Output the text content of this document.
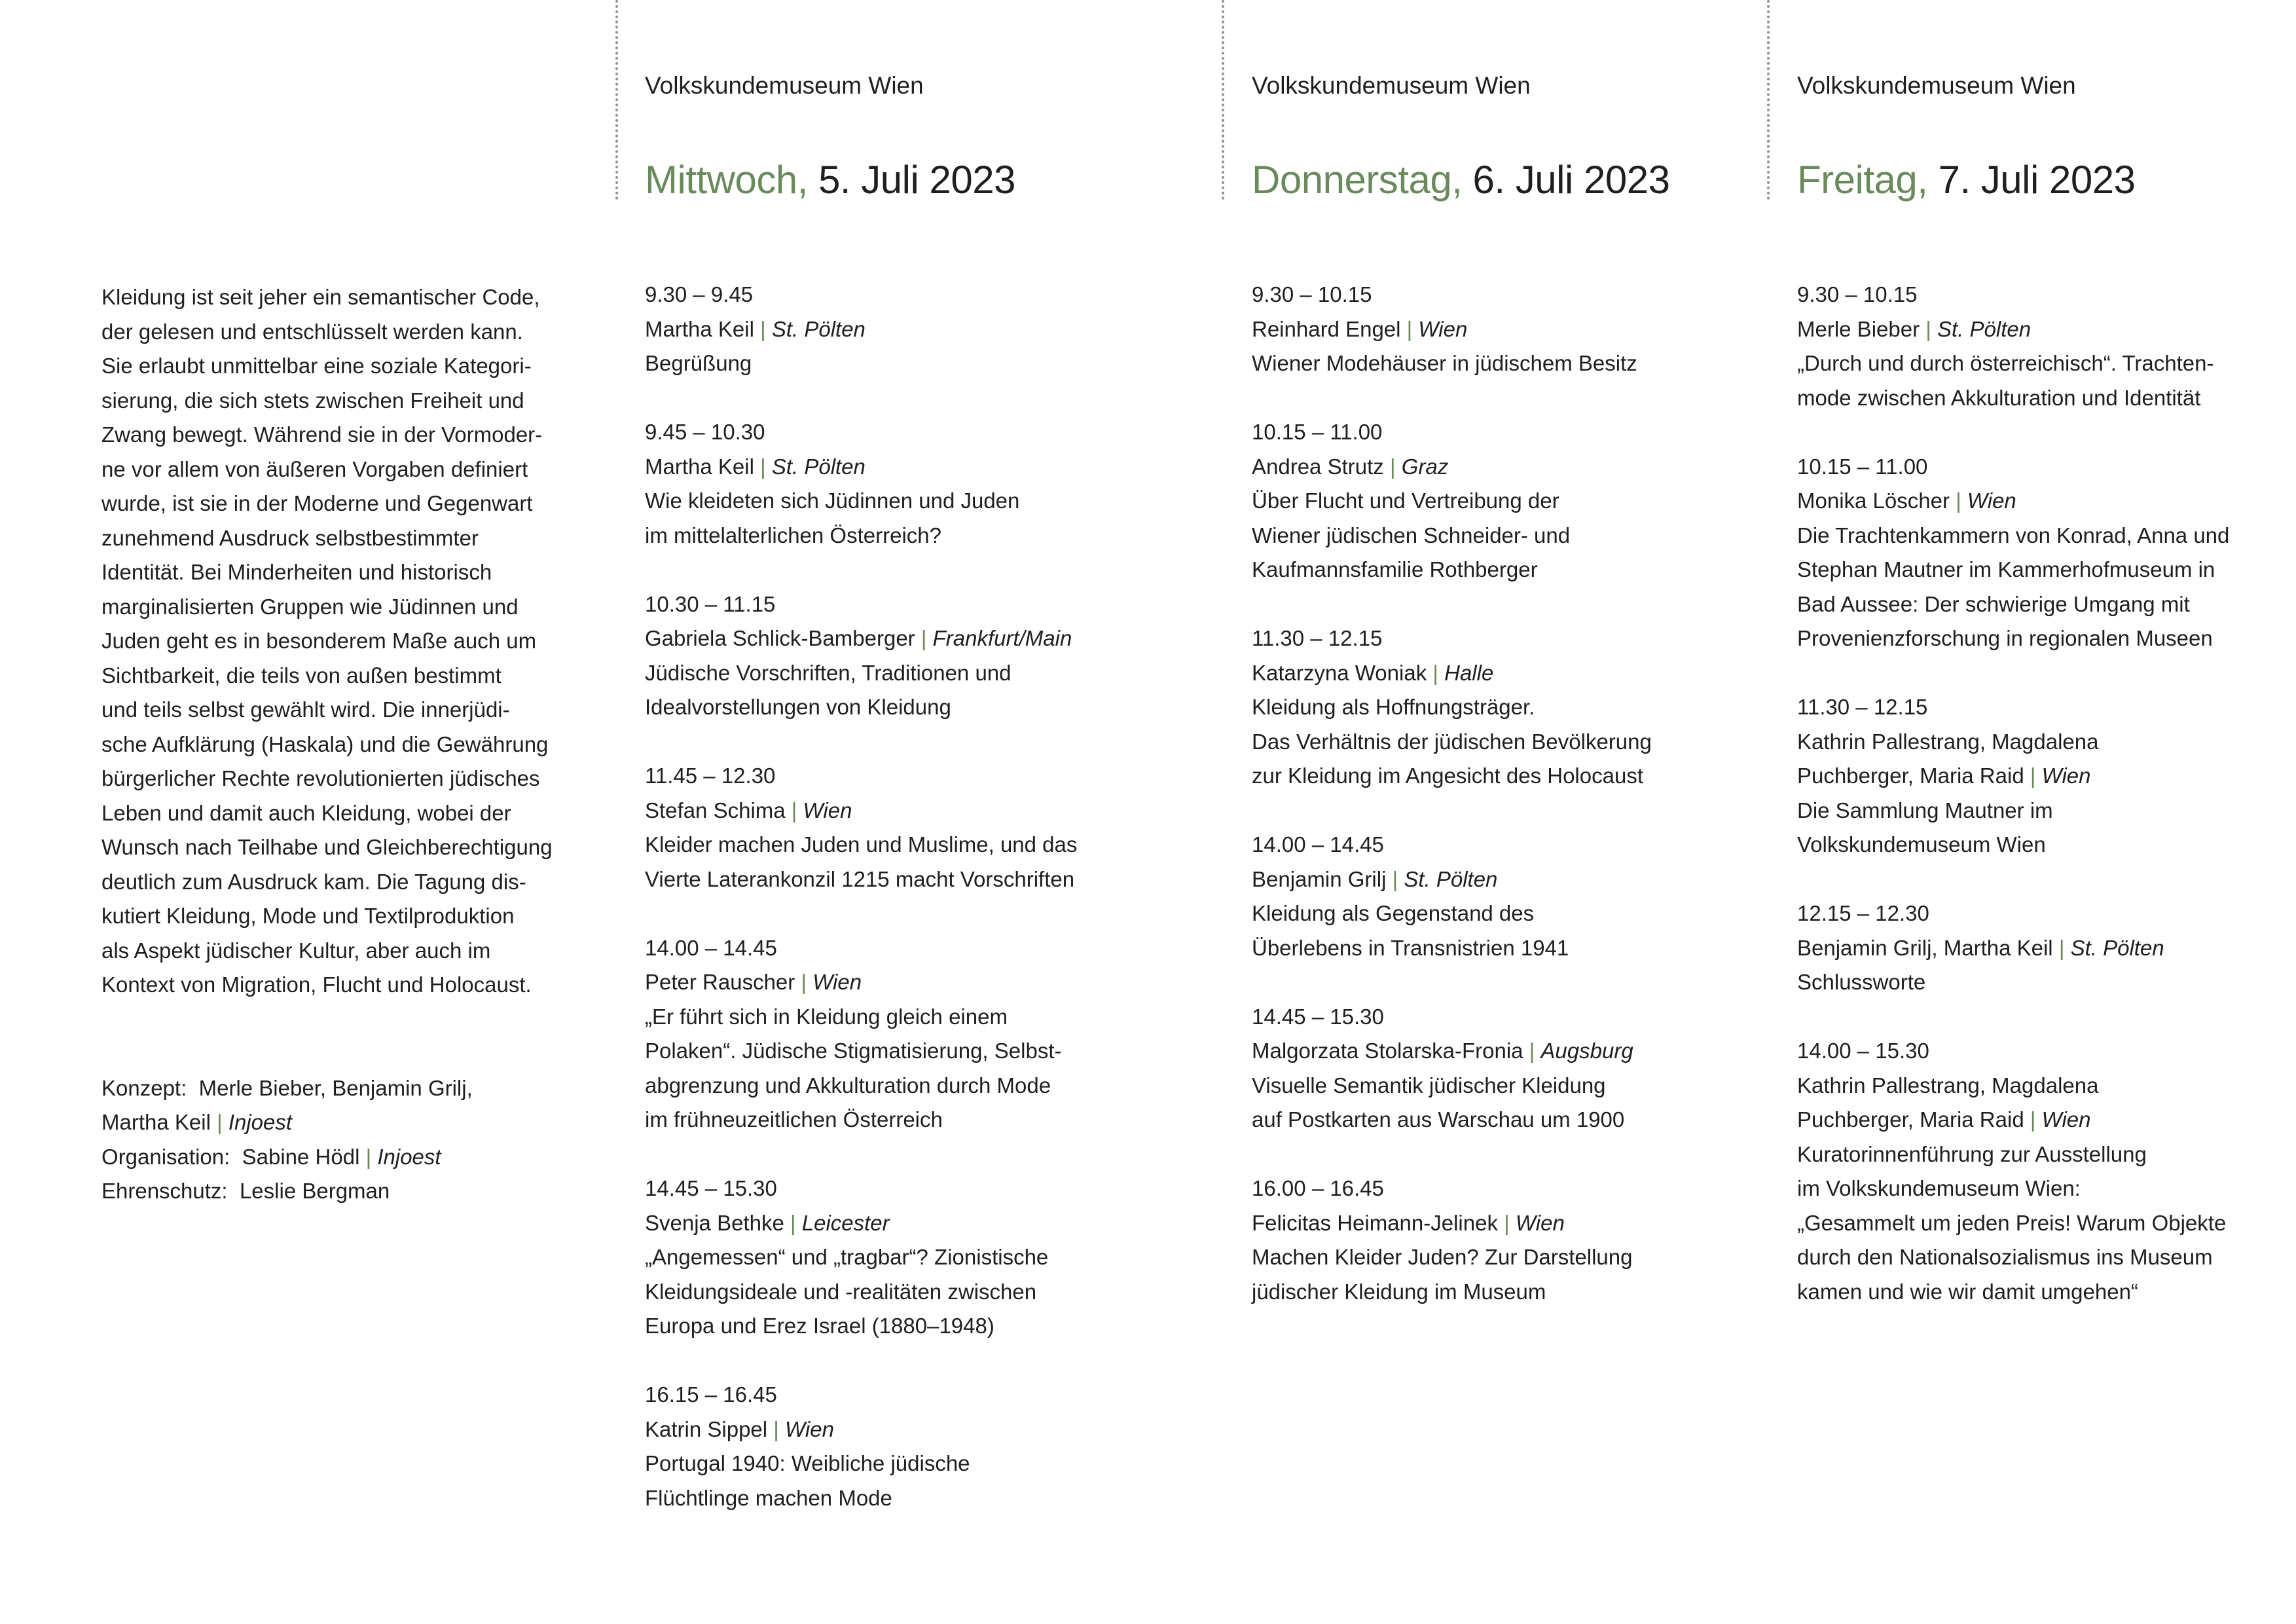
Kleidung ist seit jeher ein semantischer Code,
der gelesen und entschlüsselt werden kann.
Sie erlaubt unmittelbar eine soziale Kategori-
sierung, die sich stets zwischen Freiheit und
Zwang bewegt. Während sie in der Vormoder-
ne vor allem von äußeren Vorgaben definiert
wurde, ist sie in der Moderne und Gegenwart
zunehmend Ausdruck selbstbestimmter
Identität. Bei Minderheiten und historisch
marginalisierten Gruppen wie Jüdinnen und
Juden geht es in besonderem Maße auch um
Sichtbarkeit, die teils von außen bestimmt
und teils selbst gewählt wird. Die innerjüdi-
sche Aufklärung (Haskala) und die Gewährung
bürgerlicher Rechte revolutionierten jüdisches
Leben und damit auch Kleidung, wobei der
Wunsch nach Teilhabe und Gleichberechtigung
deutlich zum Ausdruck kam. Die Tagung dis-
kutiert Kleidung, Mode und Textilproduktion
als Aspekt jüdischer Kultur, aber auch im
Kontext von Migration, Flucht und Holocaust.

Konzept: Merle Bieber, Benjamin Grilj,
Martha Keil | Injoest
Organisation: Sabine Hödl | Injoest
Ehrenschutz: Leslie Bergman
Volkskundemuseum Wien
Mittwoch, 5. Juli 2023
9.30 – 9.45
Martha Keil | St. Pölten
Begrüßung
9.45 – 10.30
Martha Keil | St. Pölten
Wie kleideten sich Jüdinnen und Juden
im mittelalterlichen Österreich?
10.30 – 11.15
Gabriela Schlick-Bamberger | Frankfurt/Main
Jüdische Vorschriften, Traditionen und
Idealvorstellungen von Kleidung
11.45 – 12.30
Stefan Schima | Wien
Kleider machen Juden und Muslime, und das
Vierte Laterankonzil 1215 macht Vorschriften
14.00 – 14.45
Peter Rauscher | Wien
„Er führt sich in Kleidung gleich einem
Polaken“. Jüdische Stigmatisierung, Selbst-
abgrenzung und Akkulturation durch Mode
im frühneuzeitlichen Österreich
14.45 – 15.30
Svenja Bethke | Leicester
„Angemessen“ und „tragbar“? Zionistische
Kleidungsideale und -realitäten zwischen
Europa und Erez Israel (1880–1948)
16.15 – 16.45
Katrin Sippel | Wien
Portugal 1940: Weibliche jüdische
Flüchtlinge machen Mode
Volkskundemuseum Wien
Donnerstag, 6. Juli 2023
9.30 – 10.15
Reinhard Engel | Wien
Wiener Modehäuser in jüdischem Besitz
10.15 – 11.00
Andrea Strutz | Graz
Über Flucht und Vertreibung der
Wiener jüdischen Schneider- und
Kaufmannsfamilie Rothberger
11.30 – 12.15
Katarzyna Woniak | Halle
Kleidung als Hoffnungsträger.
Das Verhältnis der jüdischen Bevölkerung
zur Kleidung im Angesicht des Holocaust
14.00 – 14.45
Benjamin Grilj | St. Pölten
Kleidung als Gegenstand des
Überlebens in Transnistrien 1941
14.45 – 15.30
Malgorzata Stolarska-Fronia | Augsburg
Visuelle Semantik jüdischer Kleidung
auf Postkarten aus Warschau um 1900
16.00 – 16.45
Felicitas Heimann-Jelinek | Wien
Machen Kleider Juden? Zur Darstellung
jüdischer Kleidung im Museum
Volkskundemuseum Wien
Freitag, 7. Juli 2023
9.30 – 10.15
Merle Bieber | St. Pölten
„Durch und durch österreichisch“. Trachten-
mode zwischen Akkulturation und Identität
10.15 – 11.00
Monika Löscher | Wien
Die Trachtenkammern von Konrad, Anna und
Stephan Mautner im Kammerhofmuseum in
Bad Aussee: Der schwierige Umgang mit
Provenienzforschung in regionalen Museen
11.30 – 12.15
Kathrin Pallestrang, Magdalena
Puchberger, Maria Raid | Wien
Die Sammlung Mautner im
Volkskundemuseum Wien
12.15 – 12.30
Benjamin Grilj, Martha Keil | St. Pölten
Schlussworte
14.00 – 15.30
Kathrin Pallestrang, Magdalena
Puchberger, Maria Raid | Wien
Kuratorinnenführung zur Ausstellung
im Volkskundemuseum Wien:
„Gesammelt um jeden Preis! Warum Objekte
durch den Nationalsozialismus ins Museum
kamen und wie wir damit umgehen“
